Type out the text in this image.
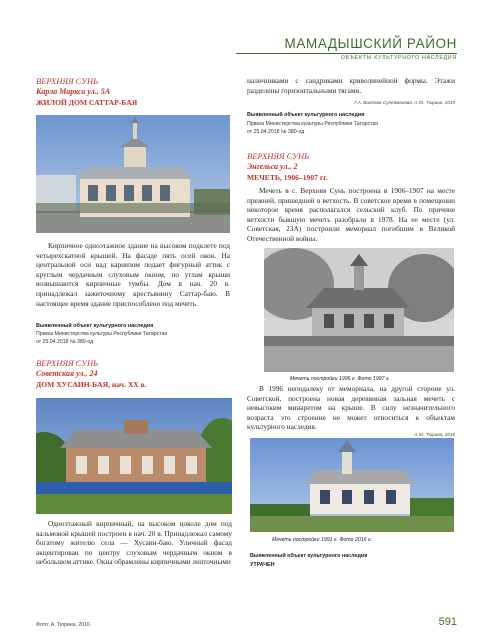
МАМАДЫШСКИЙ РАЙОН
ОБЪЕКТЫ КУЛЬТУРНОГО НАСЛЕДИЯ
ВЕРХНЯЯ СУНЬ
Карла Маркса ул., 5А
ЖИЛОЙ ДОМ САТТАР-БАЯ
Кирпичное одноэтажное здание на высоком подклете под четырехскатной крышей. На фасаде пять осей окон. На центральной оси над карнизом подает фигурный аттик с круглым чердачным слуховым окном, по углам крыши возвышаются кирпичные тумбы. Дом в нач. 20 в. принадлежал зажиточному крестьянину Саттар-баю. В настоящее время здание приспособлено под мечеть.
Выявленный объект культурного наследия
Приказ Министерства культуры Республики Татарстан
от 25.04.2018 № 380-од
ВЕРХНЯЯ СУНЬ
Советская ул., 24
ДОМ ХУСАИН-БАЯ, нач. XX в.
Одноэтажный кирпичный, на высоком цоколе дом под вальмовой крышей построен в нач. 20 в. Принадлежал самому богатому жителю села — Хусаин-баю. Уличный фасад акцентирован по центру слуховым чердачным окном в небольшом аттике. Окна обрамлены кирпичными ленточными
наличниками с сандриками криволинейной формы. Этажи разделены горизонтальными тягами.
Г.А. Валеева-Сулейманова, А.Ю. Тюрина, 2019
Выявленный объект культурного наследия
Приказ Министерства культуры Республики Татарстан
от 25.04.2018 № 380-од
ВЕРХНЯЯ СУНЬ
Энгельса ул., 2
МЕЧЕТЬ, 1906–1907 гг.
Мечеть в с. Верхняя Сунь построена в 1906–1907 на месте прежней, пришедшей в ветхость. В советское время в помещении некоторое время располагался сельский клуб. По причине ветхости бывшую мечеть разобрали в 1978. На ее месте (ул. Советская, 23А) построили мемориал погибшим в Великой Отечественной войны.
Мечеть постройки 1996 г. Фото 1997 г.
В 1996 неподалеку от мемориала, на другой стороне ул. Советской, построена новая деревянная зальная мечеть с невысоким минаретом на крыше. В силу незначительного возраста это строение не может относиться к объектам культурного наследия.
А.Ю. Тюрина, 2019
Мечеть постройки 1991 г. Фото 2016 г.
Выявленный объект культурного наследия
УТРАЧЕН
Фото: А. Тюрина, 2016	591
